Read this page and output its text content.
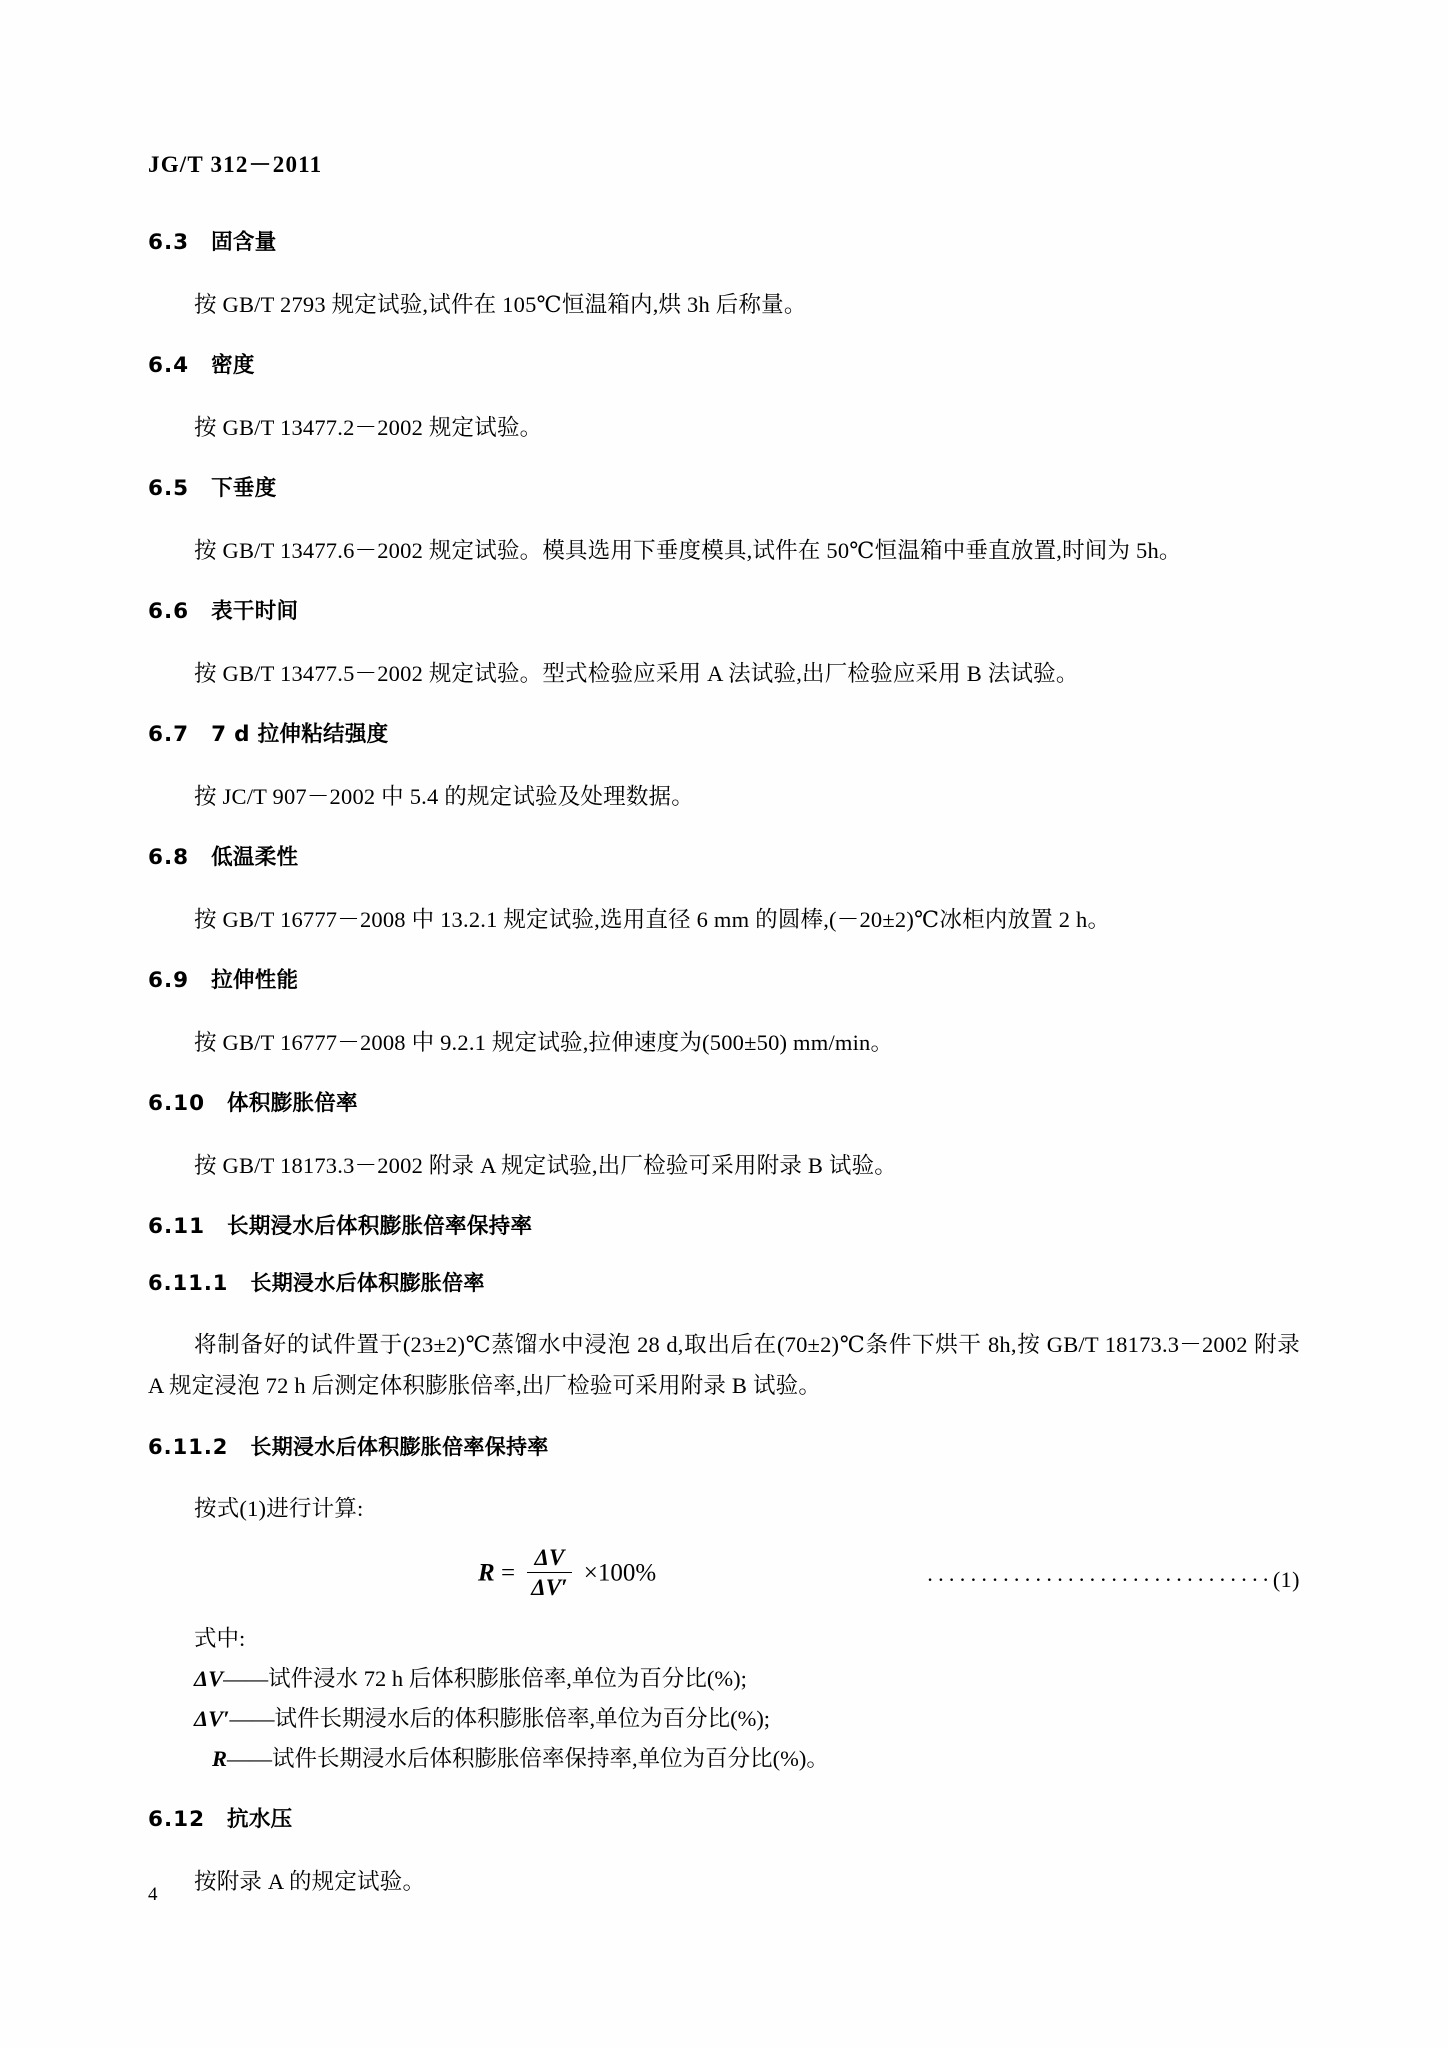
JG/T 312－2011
6.3 固含量

按 GB/T 2793 规定试验,试件在 105℃恒温箱内,烘 3h 后称量。

6.4 密度

按 GB/T 13477.2－2002 规定试验。

6.5 下垂度

按 GB/T 13477.6－2002 规定试验。模具选用下垂度模具,试件在 50℃恒温箱中垂直放置,时间为 5h。

6.6 表干时间

按 GB/T 13477.5－2002 规定试验。型式检验应采用 A 法试验,出厂检验应采用 B 法试验。

6.7 7 d 拉伸粘结强度

按 JC/T 907－2002 中 5.4 的规定试验及处理数据。

6.8 低温柔性

按 GB/T 16777－2008 中 13.2.1 规定试验,选用直径 6 mm 的圆棒,(－20±2)℃冰柜内放置 2 h。

6.9 拉伸性能

按 GB/T 16777－2008 中 9.2.1 规定试验,拉伸速度为(500±50) mm/min。

6.10 体积膨胀倍率

按 GB/T 18173.3－2002 附录 A 规定试验,出厂检验可采用附录 B 试验。

6.11 长期浸水后体积膨胀倍率保持率
6.11.1 长期浸水后体积膨胀倍率

将制备好的试件置于(23±2)℃蒸馏水中浸泡 28 d,取出后在(70±2)℃条件下烘干 8h,按 GB/T 18173.3－2002 附录 A 规定浸泡 72 h 后测定体积膨胀倍率,出厂检验可采用附录 B 试验。

6.11.2 长期浸水后体积膨胀倍率保持率

按式(1)进行计算:

$R = \frac{\Delta V}{\Delta V'} \times 100\%$	································(1)
式中:
ΔV——试件浸水 72 h 后体积膨胀倍率,单位为百分比(%);
ΔV′——试件长期浸水后的体积膨胀倍率,单位为百分比(%);
R——试件长期浸水后体积膨胀倍率保持率,单位为百分比(%)。
6.12 抗水压

按附录 A 的规定试验。

4
